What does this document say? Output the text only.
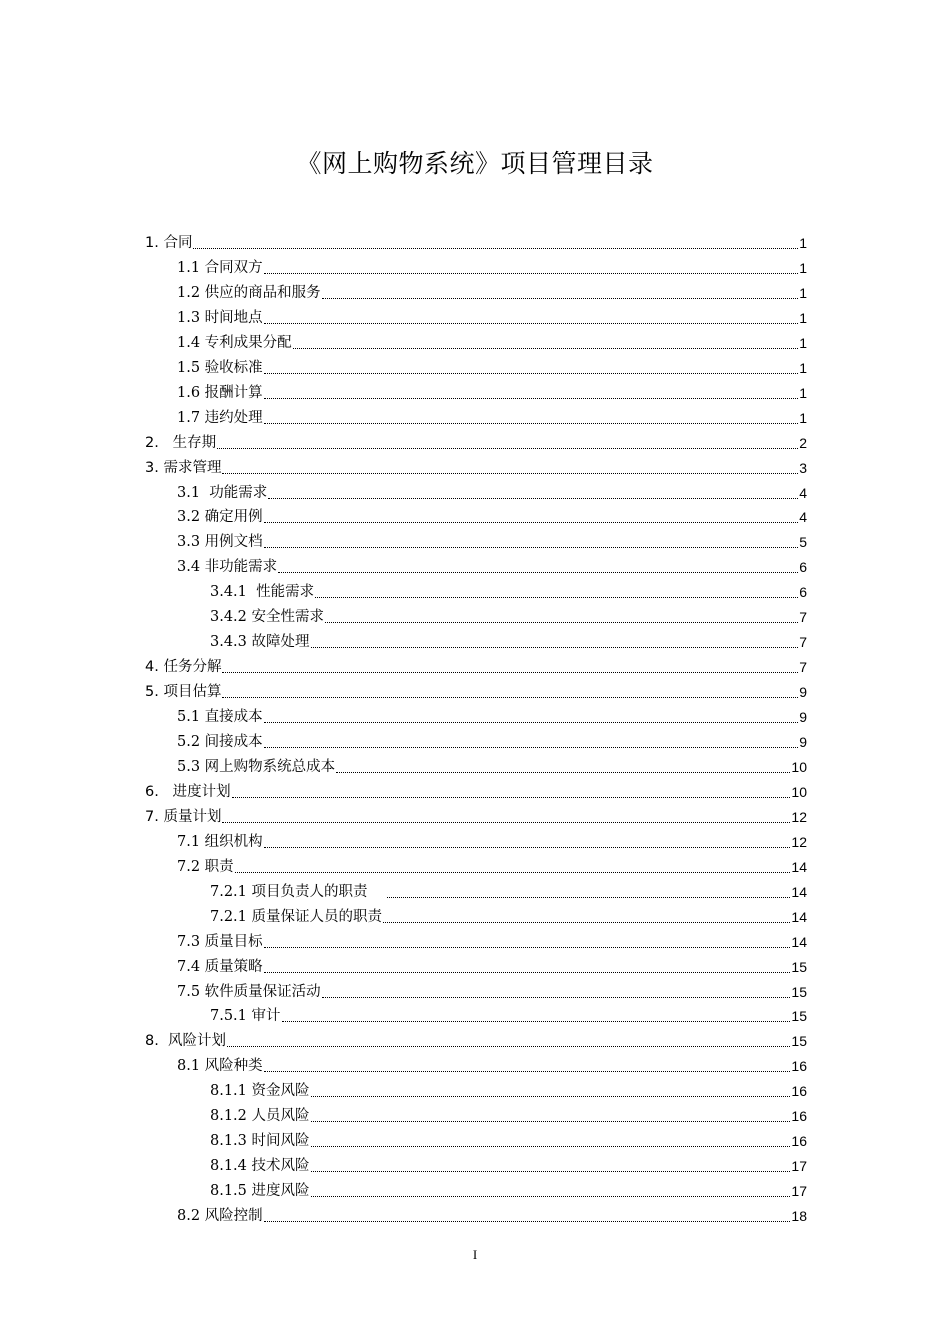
《网上购物系统》项目管理目录
1. 合同	1
1.1 合同双方	1
1.2 供应的商品和服务	1
1.3 时间地点	1
1.4 专利成果分配	1
1.5 验收标准	1
1.6 报酬计算	1
1.7 违约处理	1
2.   生存期	2
3. 需求管理	3
3.1  功能需求	4
3.2 确定用例	4
3.3 用例文档	5
3.4 非功能需求	6
3.4.1  性能需求	6
3.4.2 安全性需求	7
3.4.3 故障处理	7
4. 任务分解	7
5. 项目估算	9
5.1 直接成本	9
5.2 间接成本	9
5.3 网上购物系统总成本	10
6.   进度计划	10
7. 质量计划	12
7.1 组织机构	12
7.2 职责	14
7.2.1 项目负责人的职责	14
7.2.1 质量保证人员的职责	14
7.3 质量目标	14
7.4 质量策略	15
7.5 软件质量保证活动	15
7.5.1 审计	15
8.  风险计划	15
8.1 风险种类	16
8.1.1 资金风险	16
8.1.2 人员风险	16
8.1.3 时间风险	16
8.1.4 技术风险	17
8.1.5 进度风险	17
8.2 风险控制	18
I
